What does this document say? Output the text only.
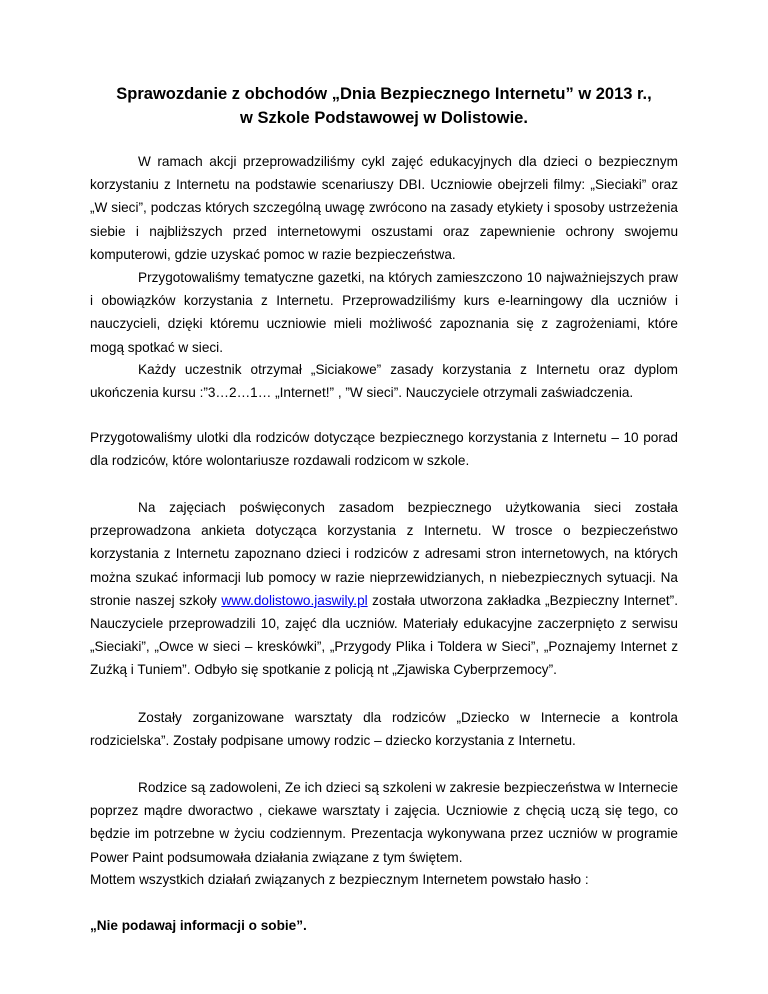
Sprawozdanie z obchodów „Dnia Bezpiecznego Internetu” w 2013 r.,
w Szkole Podstawowej w Dolistowie.

W ramach akcji przeprowadziliśmy cykl zajęć edukacyjnych dla dzieci o bezpiecznym korzystaniu z Internetu na podstawie scenariuszy DBI. Uczniowie obejrzeli filmy: „Sieciaki” oraz „W sieci”, podczas których szczególną uwagę zwrócono na zasady etykiety i sposoby ustrzeżenia siebie i najbliższych przed internetowymi oszustami oraz zapewnienie ochrony swojemu komputerowi, gdzie uzyskać pomoc w razie bezpieczeństwa.

Przygotowaliśmy tematyczne gazetki, na których zamieszczono 10 najważniejszych praw i obowiązków korzystania z Internetu. Przeprowadziliśmy kurs e-learningowy dla uczniów i nauczycieli, dzięki któremu uczniowie mieli możliwość zapoznania się z zagrożeniami, które mogą spotkać w sieci.

Każdy uczestnik otrzymał „Siciakowe” zasady korzystania z Internetu oraz dyplom ukończenia kursu :”3…2…1… „Internet!” , ”W sieci”. Nauczyciele otrzymali zaświadczenia.

Przygotowaliśmy ulotki dla rodziców dotyczące bezpiecznego korzystania z Internetu – 10 porad dla rodziców, które wolontariusze rozdawali rodzicom w szkole.

Na zajęciach poświęconych zasadom bezpiecznego użytkowania sieci została przeprowadzona ankieta dotycząca korzystania z Internetu. W trosce o bezpieczeństwo korzystania z Internetu zapoznano dzieci i rodziców z adresami stron internetowych, na których można szukać informacji lub pomocy w razie nieprzewidzianych, n niebezpiecznych sytuacji. Na stronie naszej szkoły www.dolistowo.jaswily.pl została utworzona zakładka „Bezpieczny Internet”. Nauczyciele przeprowadzili 10, zajęć dla uczniów. Materiały edukacyjne zaczerpnięto z serwisu „Sieciaki”, „Owce w sieci – kreskówki”, „Przygody Plika i Toldera w Sieci”, „Poznajemy Internet z Zuźką i Tuniem”. Odbyło się spotkanie z policją nt „Zjawiska Cyberprzemocy”.

Zostały zorganizowane warsztaty dla rodziców „Dziecko w Internecie a kontrola rodzicielska”. Zostały podpisane umowy rodzic – dziecko korzystania z Internetu.

Rodzice są zadowoleni, Ze ich dzieci są szkoleni w zakresie bezpieczeństwa w Internecie poprzez mądre dworactwo , ciekawe warsztaty i zajęcia. Uczniowie z chęcią uczą się tego, co będzie im potrzebne w życiu codziennym. Prezentacja wykonywana przez uczniów w programie Power Paint podsumowała działania związane z tym świętem.

Mottem wszystkich działań związanych z bezpiecznym Internetem powstało hasło :

„Nie podawaj informacji o sobie”.
